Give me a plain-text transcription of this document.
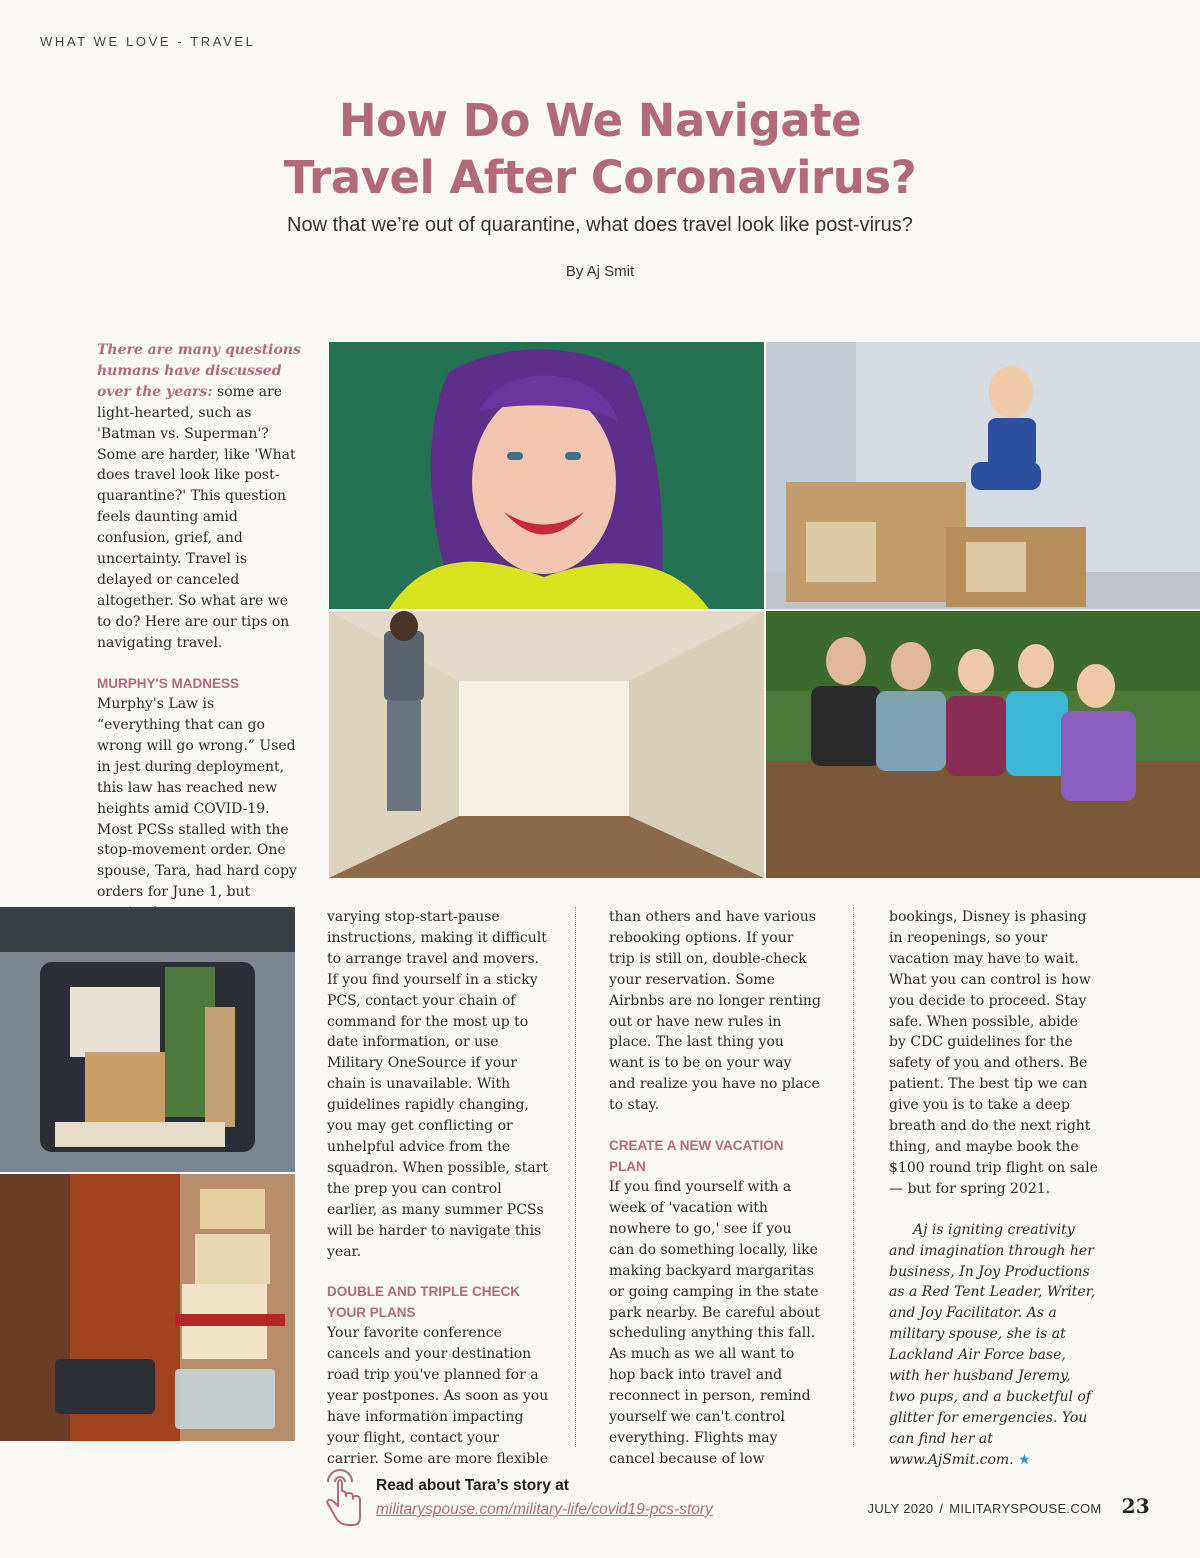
WHAT WE LOVE - TRAVEL
How Do We Navigate
Travel After Coronavirus?
Now that we’re out of quarantine, what does travel look like post-virus?
By Aj Smit

There are many questions humans have discussed over the years: some are light-hearted, such as 'Batman vs. Superman'? Some are harder, like 'What does travel look like post-quarantine?' This question feels daunting amid confusion, grief, and uncertainty. Travel is delayed or canceled altogether. So what are we to do? Here are our tips on navigating travel.

MURPHY'S MADNESS

Murphy's Law is “everything that can go wrong will go wrong.” Used in jest during deployment, this law has reached new heights amid COVID-19. Most PCSs stalled with the stop-movement order. One spouse, Tara, had hard copy orders for June 1, but

varying stop-start-pause instructions, making it difficult to arrange travel and movers. If you find yourself in a sticky PCS, contact your chain of command for the most up to date information, or use Military OneSource if your chain is unavailable. With guidelines rapidly changing, you may get conflicting or unhelpful advice from the squadron. When possible, start the prep you can control earlier, as many summer PCSs will be harder to navigate this year.

DOUBLE AND TRIPLE CHECK YOUR PLANS

Your favorite conference cancels and your destination road trip you've planned for a year postpones. As soon as you have information impacting your flight, contact your carrier. Some are more flexible

than others and have various rebooking options. If your trip is still on, double-check your reservation. Some Airbnbs are no longer renting out or have new rules in place. The last thing you want is to be on your way and realize you have no place to stay.

CREATE A NEW VACATION PLAN

If you find yourself with a week of 'vacation with nowhere to go,' see if you can do something locally, like making backyard margaritas or going camping in the state park nearby. Be careful about scheduling anything this fall. As much as we all want to hop back into travel and reconnect in person, remind yourself we can't control everything. Flights may cancel because of low

bookings, Disney is phasing in reopenings, so your vacation may have to wait. What you can control is how you decide to proceed. Stay safe. When possible, abide by CDC guidelines for the safety of you and others. Be patient. The best tip we can give you is to take a deep breath and do the next right thing, and maybe book the $100 round trip flight on sale — but for spring 2021.

Aj is igniting creativity and imagination through her business, In Joy Productions as a Red Tent Leader, Writer, and Joy Facilitator. As a military spouse, she is at Lackland Air Force base, with her husband Jeremy, two pups, and a bucketful of glitter for emergencies. You can find her at www.AjSmit.com. ★

Read about Tara’s story at
militaryspouse.com/military-life/covid19-pcs-story	JULY 2020 / MILITARYSPOUSE.COM 23
